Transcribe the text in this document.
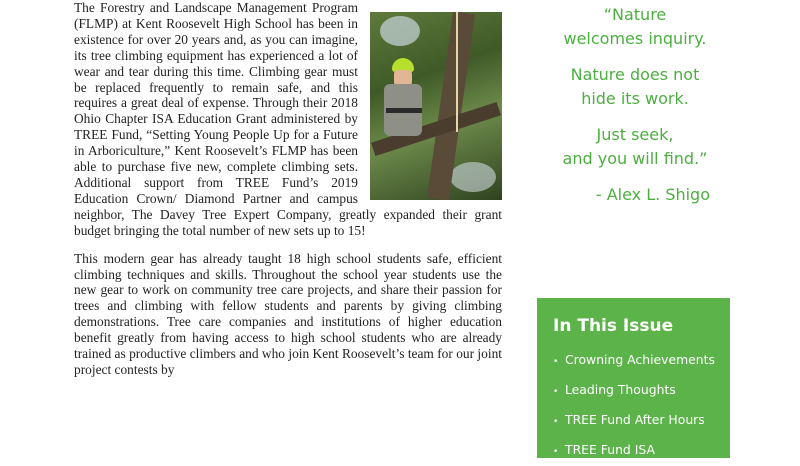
The Forestry and Landscape Management Program (FLMP) at Kent Roosevelt High School has been in existence for over 20 years and, as you can imagine, its tree climbing equipment has experienced a lot of wear and tear during this time. Climbing gear must be replaced frequently to remain safe, and this requires a great deal of expense. Through their 2018 Ohio Chapter ISA Education Grant administered by TREE Fund, “Setting Young People Up for a Future in Arboriculture,” Kent Roosevelt’s FLMP has been able to purchase five new, complete climbing sets. Additional support from TREE Fund’s 2019 Education Crown/ Diamond Partner and campus neighbor, The Davey Tree Expert Company, greatly expanded their grant budget bringing the total number of new sets up to 15!

This modern gear has already taught 18 high school students safe, efficient climbing techniques and skills. Throughout the school year students use the new gear to work on community tree care projects, and share their passion for trees and climbing with fellow students and parents by giving climbing demonstrations. Tree care companies and institutions of higher education benefit greatly from having access to high school students who are already trained as productive climbers and who join Kent Roosevelt’s team for our joint project contests by

“Nature
welcomes inquiry.
Nature does not
hide its work.
Just seek,
and you will find.”
- Alex L. Shigo
In This Issue
• Crowning Achievements
• Leading Thoughts
• TREE Fund After Hours
• TREE Fund ISA
